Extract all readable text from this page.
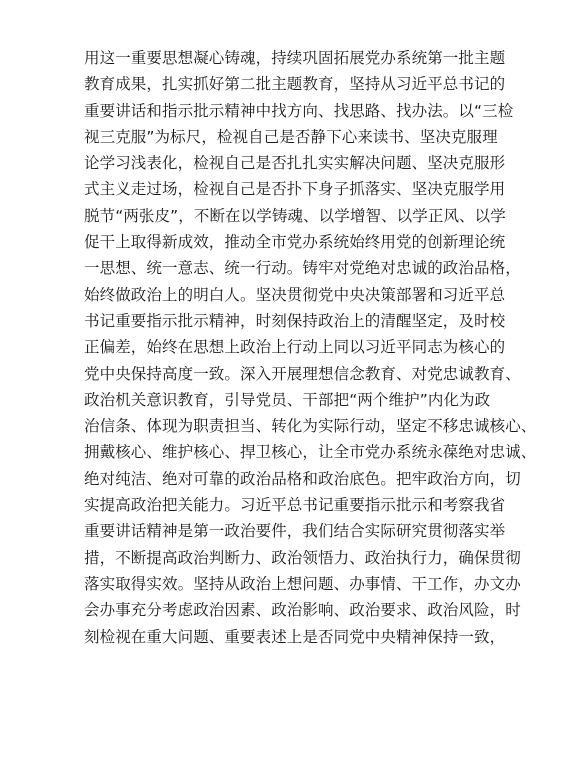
用这一重要思想凝心铸魂，持续巩固拓展党办系统第一批主题
教育成果，扎实抓好第二批主题教育，坚持从习近平总书记的
重要讲话和指示批示精神中找方向、找思路、找办法。以“三检
视三克服”为标尺，检视自己是否静下心来读书、坚决克服理
论学习浅表化，检视自己是否扎扎实实解决问题、坚决克服形
式主义走过场，检视自己是否扑下身子抓落实、坚决克服学用
脱节“两张皮”，不断在以学铸魂、以学增智、以学正风、以学
促干上取得新成效，推动全市党办系统始终用党的创新理论统
一思想、统一意志、统一行动。铸牢对党绝对忠诚的政治品格，
始终做政治上的明白人。坚决贯彻党中央决策部署和习近平总
书记重要指示批示精神，时刻保持政治上的清醒坚定，及时校
正偏差，始终在思想上政治上行动上同以习近平同志为核心的
党中央保持高度一致。深入开展理想信念教育、对党忠诚教育、
政治机关意识教育，引导党员、干部把“两个维护”内化为政
治信条、体现为职责担当、转化为实际行动，坚定不移忠诚核心、
拥戴核心、维护核心、捍卫核心，让全市党办系统永葆绝对忠诚、
绝对纯洁、绝对可靠的政治品格和政治底色。把牢政治方向，切
实提高政治把关能力。习近平总书记重要指示批示和考察我省
重要讲话精神是第一政治要件，我们结合实际研究贯彻落实举
措，不断提高政治判断力、政治领悟力、政治执行力，确保贯彻
落实取得实效。坚持从政治上想问题、办事情、干工作，办文办
会办事充分考虑政治因素、政治影响、政治要求、政治风险，时
刻检视在重大问题、重要表述上是否同党中央精神保持一致，
